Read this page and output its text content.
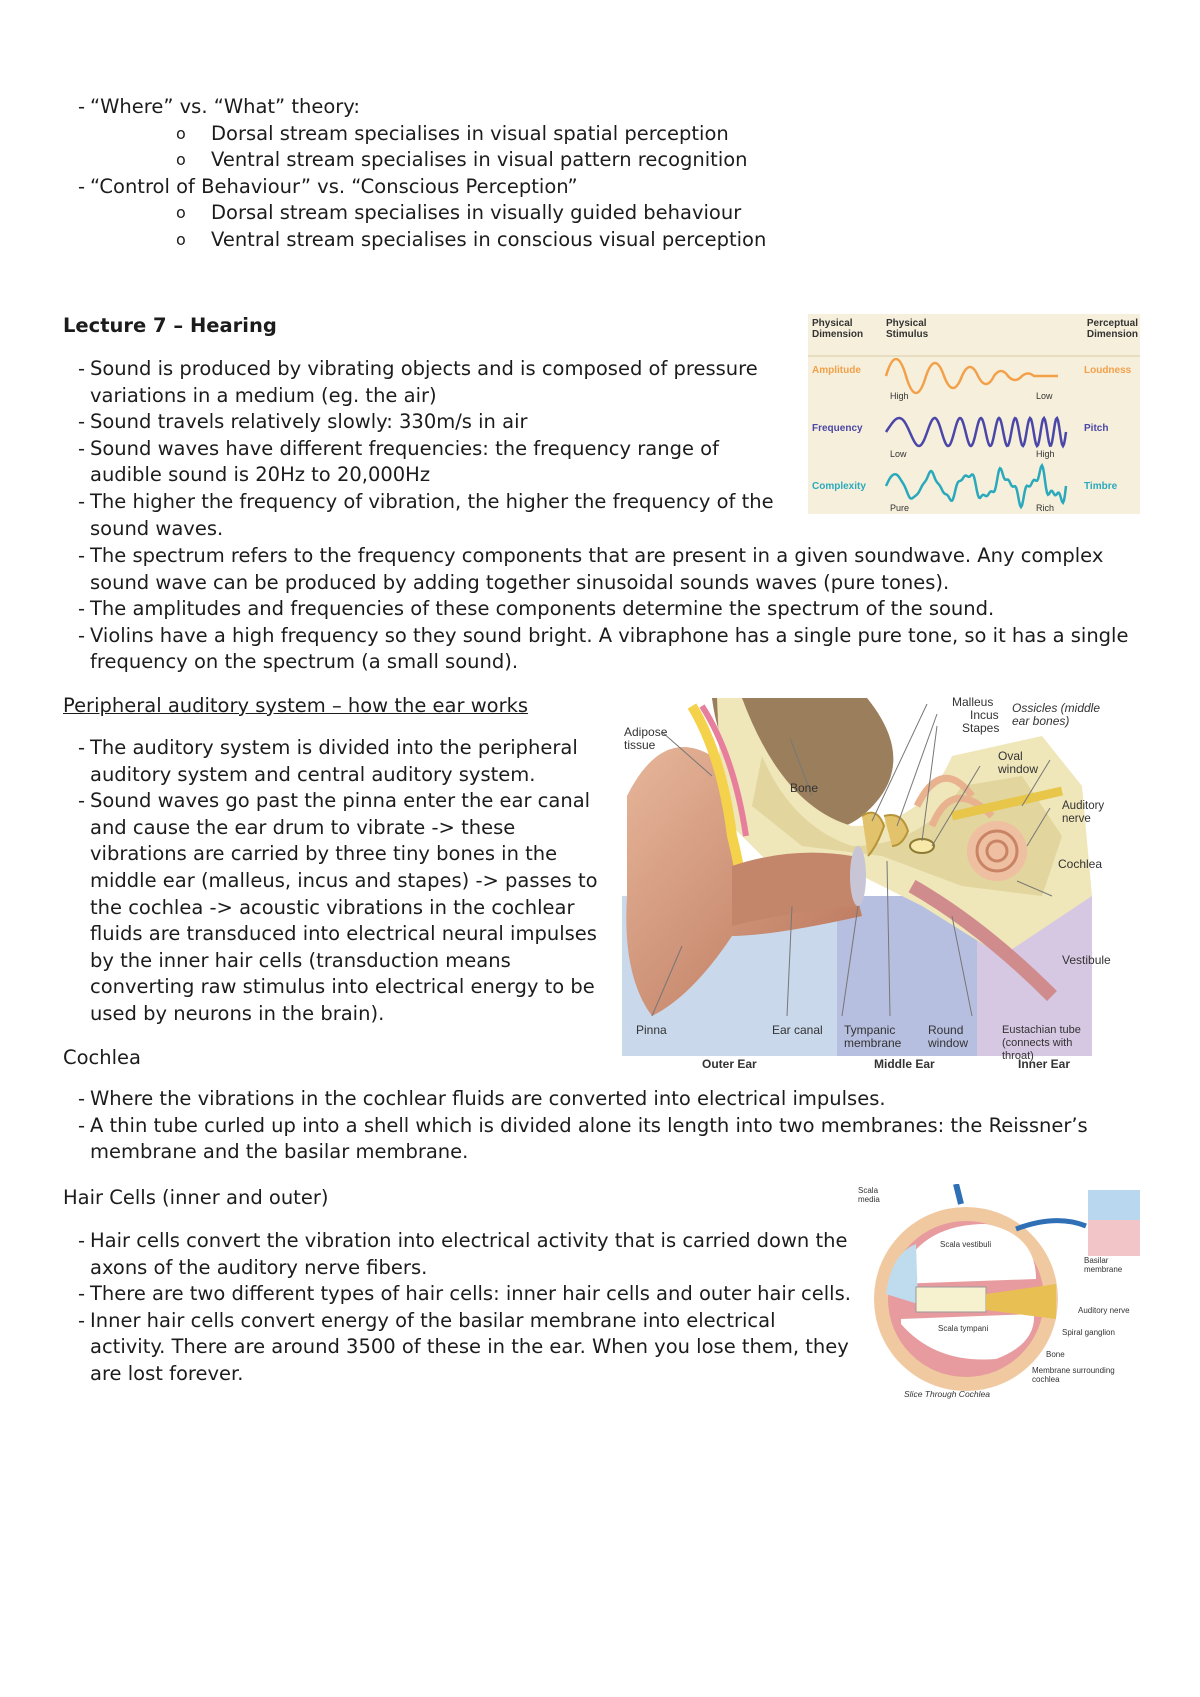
- “Where” vs. “What” theory:
o Dorsal stream specialises in visual spatial perception
o Ventral stream specialises in visual pattern recognition
- “Control of Behaviour” vs. “Conscious Perception”
o Dorsal stream specialises in visually guided behaviour
o Ventral stream specialises in conscious visual perception
Lecture 7 – Hearing
- Sound is produced by vibrating objects and is composed of pressure variations in a medium (eg. the air)
- Sound travels relatively slowly: 330m/s in air
- Sound waves have different frequencies: the frequency range of audible sound is 20Hz to 20,000Hz
- The higher the frequency of vibration, the higher the frequency of the sound waves.
- The spectrum refers to the frequency components that are present in a given soundwave. Any complex sound wave can be produced by adding together sinusoidal sounds waves (pure tones).
- The amplitudes and frequencies of these components determine the spectrum of the sound.
- Violins have a high frequency so they sound bright. A vibraphone has a single pure tone, so it has a single frequency on the spectrum (a small sound).
Physical Dimension
Physical Stimulus
Perceptual Dimension
Amplitude
High	Low
Loudness
Frequency
Low	High
Pitch
Complexity
Pure	Rich
Timbre
Peripheral auditory system – how the ear works
- The auditory system is divided into the peripheral auditory system and central auditory system.
- Sound waves go past the pinna enter the ear canal and cause the ear drum to vibrate -> these vibrations are carried by three tiny bones in the middle ear (malleus, incus and stapes) -> passes to the cochlea -> acoustic vibrations in the cochlear fluids are transduced into electrical neural impulses by the inner hair cells (transduction means converting raw stimulus into electrical energy to be used by neurons in the brain).
Adipose tissue
Bone
Malleus
Incus
Stapes
Ossicles (middle ear bones)
Oval window
Auditory nerve
Cochlea
Vestibule
Pinna	Ear canal Tympanic membrane
Round window
Eustachian tube (connects with throat)
Outer Ear	Middle Ear	Inner Ear
Cochlea
- Where the vibrations in the cochlear fluids are converted into electrical impulses.
- A thin tube curled up into a shell which is divided alone its length into two membranes: the Reissner’s membrane and the basilar membrane.
Hair Cells (inner and outer)
- Hair cells convert the vibration into electrical activity that is carried down the axons of the auditory nerve fibers.
- There are two different types of hair cells: inner hair cells and outer hair cells.
- Inner hair cells convert energy of the basilar membrane into electrical activity. There are around 3500 of these in the ear. When you lose them, they are lost forever.
Scala media
Scala vestibuli
Scala tympani
Basilar membrane
Auditory nerve
Spiral ganglion
Bone
Membrane surrounding cochlea
Slice Through Cochlea
